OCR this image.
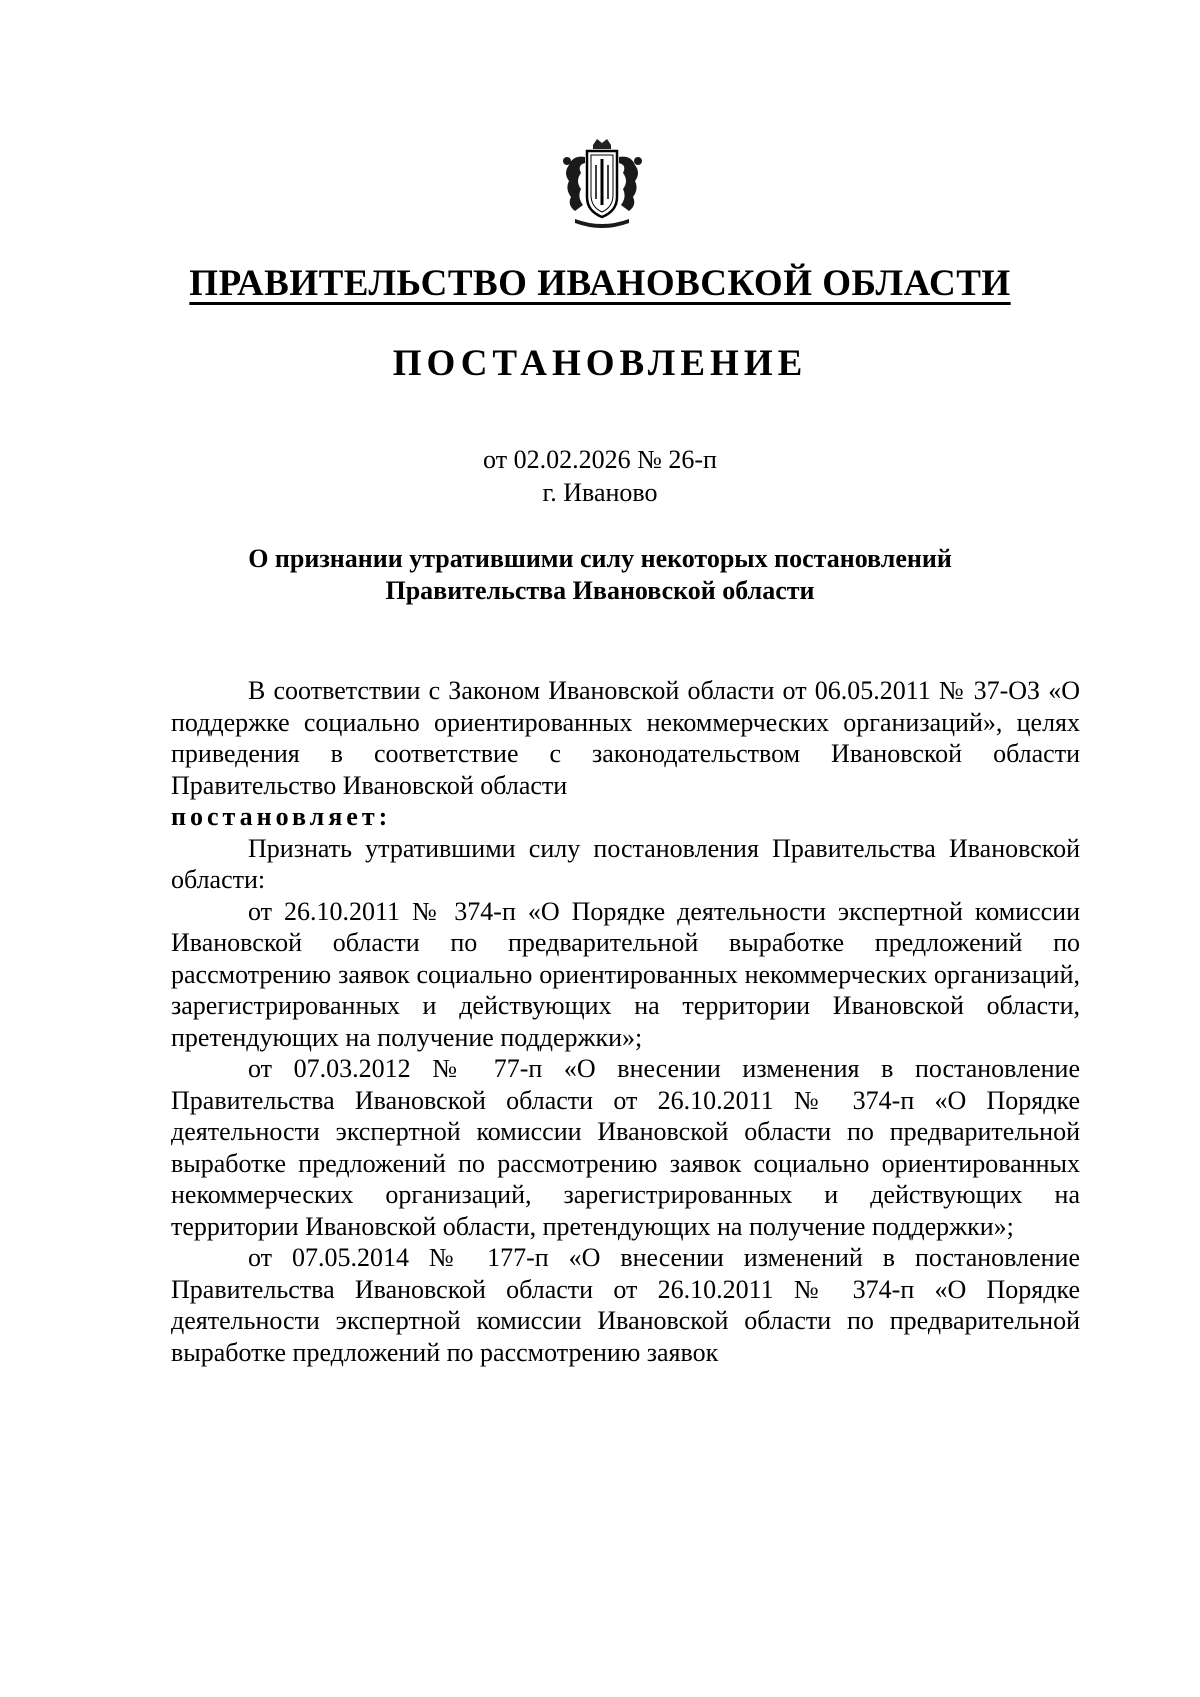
ПРАВИТЕЛЬСТВО ИВАНОВСКОЙ ОБЛАСТИ
ПОСТАНОВЛЕНИЕ
от 02.02.2026 № 26-п
г. Иваново
О признании утратившими силу некоторых постановлений
Правительства Ивановской области

В соответствии с Законом Ивановской области от 06.05.2011 № 37-ОЗ «О поддержке социально ориентированных некоммерческих организаций», целях приведения в соответствие с законодательством Ивановской области Правительство Ивановской области

постановляет:

Признать утратившими силу постановления Правительства Ивановской области:

от 26.10.2011 № 374-п «О Порядке деятельности экспертной комиссии Ивановской области по предварительной выработке предложений по рассмотрению заявок социально ориентированных некоммерческих организаций, зарегистрированных и действующих на территории Ивановской области, претендующих на получение поддержки»;

от 07.03.2012 № 77-п «О внесении изменения в постановление Правительства Ивановской области от 26.10.2011 № 374-п «О Порядке деятельности экспертной комиссии Ивановской области по предварительной выработке предложений по рассмотрению заявок социально ориентированных некоммерческих организаций, зарегистрированных и действующих на территории Ивановской области, претендующих на получение поддержки»;

от 07.05.2014 № 177-п «О внесении изменений в постановление Правительства Ивановской области от 26.10.2011 № 374-п «О Порядке деятельности экспертной комиссии Ивановской области по предварительной выработке предложений по рассмотрению заявок
